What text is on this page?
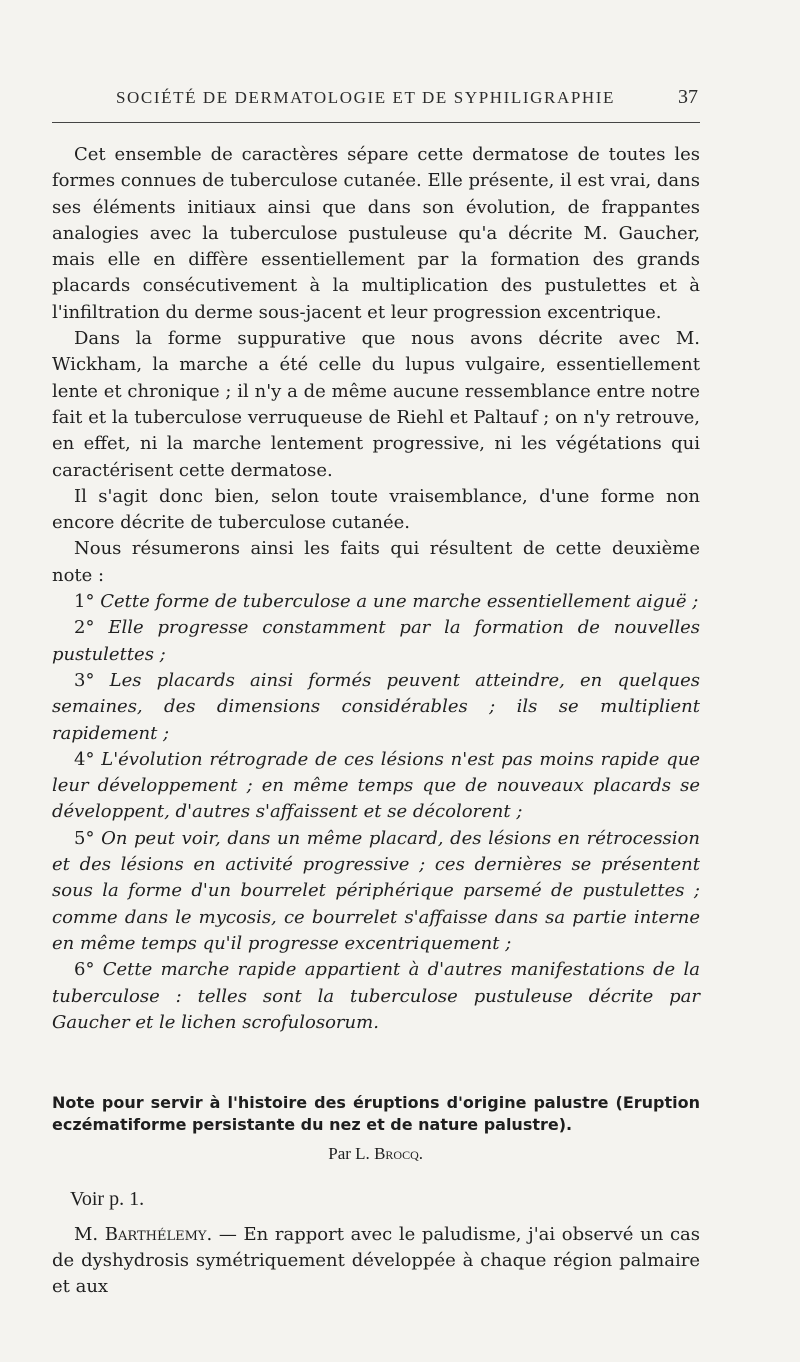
SOCIÉTÉ DE DERMATOLOGIE ET DE SYPHILIGRAPHIE	37

Cet ensemble de caractères sépare cette dermatose de toutes les formes connues de tuberculose cutanée. Elle présente, il est vrai, dans ses éléments initiaux ainsi que dans son évolution, de frappantes analogies avec la tuberculose pustuleuse qu'a décrite M. Gaucher, mais elle en diffère essentiellement par la formation des grands placards consécutivement à la multiplication des pustulettes et à l'infiltration du derme sous-jacent et leur progression excentrique.

Dans la forme suppurative que nous avons décrite avec M. Wickham, la marche a été celle du lupus vulgaire, essentiellement lente et chronique ; il n'y a de même aucune ressemblance entre notre fait et la tuberculose verruqueuse de Riehl et Paltauf ; on n'y retrouve, en effet, ni la marche lentement progressive, ni les végétations qui caractérisent cette dermatose.

Il s'agit donc bien, selon toute vraisemblance, d'une forme non encore décrite de tuberculose cutanée.

Nous résumerons ainsi les faits qui résultent de cette deuxième note :

1° Cette forme de tuberculose a une marche essentiellement aiguë ;

2° Elle progresse constamment par la formation de nouvelles pustulettes ;

3° Les placards ainsi formés peuvent atteindre, en quelques semaines, des dimensions considérables ; ils se multiplient rapidement ;

4° L'évolution rétrograde de ces lésions n'est pas moins rapide que leur développement ; en même temps que de nouveaux placards se développent, d'autres s'affaissent et se décolorent ;

5° On peut voir, dans un même placard, des lésions en rétrocession et des lésions en activité progressive ; ces dernières se présentent sous la forme d'un bourrelet périphérique parsemé de pustulettes ; comme dans le mycosis, ce bourrelet s'affaisse dans sa partie interne en même temps qu'il progresse excentriquement ;

6° Cette marche rapide appartient à d'autres manifestations de la tuberculose : telles sont la tuberculose pustuleuse décrite par Gaucher et le lichen scrofulosorum.

Note pour servir à l'histoire des éruptions d'origine palustre (Eruption eczématiforme persistante du nez et de nature palustre).

Par L. Brocq.

Voir p. 1.

M. Barthélemy. — En rapport avec le paludisme, j'ai observé un cas de dyshydrosis symétriquement développée à chaque région palmaire et aux
